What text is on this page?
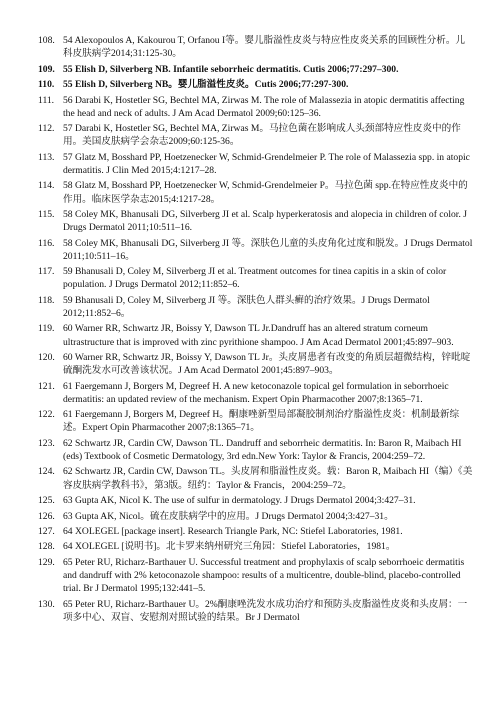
108. 54 Alexopoulos A, Kakourou T, Orfanou I等。婴儿脂溢性皮炎与特应性皮炎关系的回顾性分析。儿科皮肤病学2014;31:125-30。
109. 55 Elish D, Silverberg NB. Infantile seborrheic dermatitis. Cutis 2006;77:297–300.
110. 55 Elish D, Silverberg NB。婴儿脂溢性皮炎。Cutis 2006;77:297-300.
111. 56 Darabi K, Hostetler SG, Bechtel MA, Zirwas M. The role of Malassezia in atopic dermatitis affecting the head and neck of adults. J Am Acad Dermatol 2009;60:125–36.
112. 57 Darabi K, Hostetler SG, Bechtel MA, Zirwas M。马拉色菌在影响成人头颈部特应性皮炎中的作用。美国皮肤病学会杂志2009;60:125-36。
113. 57 Glatz M, Bosshard PP, Hoetzenecker W, Schmid-Grendelmeier P. The role of Malassezia spp. in atopic dermatitis. J Clin Med 2015;4:1217–28.
114. 58 Glatz M, Bosshard PP, Hoetzenecker W, Schmid-Grendelmeier P。马拉色菌 spp.在特应性皮炎中的作用。临床医学杂志2015;4:1217-28。
115. 58 Coley MK, Bhanusali DG, Silverberg JI et al. Scalp hyperkeratosis and alopecia in children of color. J Drugs Dermatol 2011;10:511–16.
116. 58 Coley MK, Bhanusali DG, Silverberg JI 等。深肤色儿童的头皮角化过度和脱发。J Drugs Dermatol 2011;10:511–16。
117. 59 Bhanusali D, Coley M, Silverberg JI et al. Treatment outcomes for tinea capitis in a skin of color population. J Drugs Dermatol 2012;11:852–6.
118. 59 Bhanusali D, Coley M, Silverberg JI 等。深肤色人群头癣的治疗效果。J Drugs Dermatol 2012;11:852–6。
119. 60 Warner RR, Schwartz JR, Boissy Y, Dawson TL Jr.Dandruff has an altered stratum corneum ultrastructure that is improved with zinc pyrithione shampoo. J Am Acad Dermatol 2001;45:897–903.
120. 60 Warner RR, Schwartz JR, Boissy Y, Dawson TL Jr。头皮屑患者有改变的角质层超微结构，锌吡啶硫酮洗发水可改善该状况。J Am Acad Dermatol 2001;45:897–903。
121. 61 Faergemann J, Borgers M, Degreef H. A new ketoconazole topical gel formulation in seborrhoeic dermatitis: an updated review of the mechanism. Expert Opin Pharmacother 2007;8:1365–71.
122. 61 Faergemann J, Borgers M, Degreef H。酮康唑新型局部凝胶制剂治疗脂溢性皮炎：机制最新综述。Expert Opin Pharmacother 2007;8:1365–71。
123. 62 Schwartz JR, Cardin CW, Dawson TL. Dandruff and seborrheic dermatitis. In: Baron R, Maibach HI (eds) Textbook of Cosmetic Dermatology, 3rd edn.New York: Taylor & Francis, 2004:259–72.
124. 62 Schwartz JR, Cardin CW, Dawson TL。头皮屑和脂溢性皮炎。载：Baron R, Maibach HI（编）《美容皮肤病学教科书》，第3版。纽约：Taylor & Francis，2004:259–72。
125. 63 Gupta AK, Nicol K. The use of sulfur in dermatology. J Drugs Dermatol 2004;3:427–31.
126. 63 Gupta AK, Nicol。硫在皮肤病学中的应用。J Drugs Dermatol 2004;3:427–31。
127. 64 XOLEGEL [package insert]. Research Triangle Park, NC: Stiefel Laboratories, 1981.
128. 64 XOLEGEL [说明书]。北卡罗来纳州研究三角园：Stiefel Laboratories，1981。
129. 65 Peter RU, Richarz-Barthauer U. Successful treatment and prophylaxis of scalp seborrhoeic dermatitis and dandruff with 2% ketoconazole shampoo: results of a multicentre, double-blind, placebo-controlled trial. Br J Dermatol 1995;132:441–5.
130. 65 Peter RU, Richarz-Barthauer U。2%酮康唑洗发水成功治疗和预防头皮脂溢性皮炎和头皮屑：一项多中心、双盲、安慰剂对照试验的结果。Br J Dermatol
